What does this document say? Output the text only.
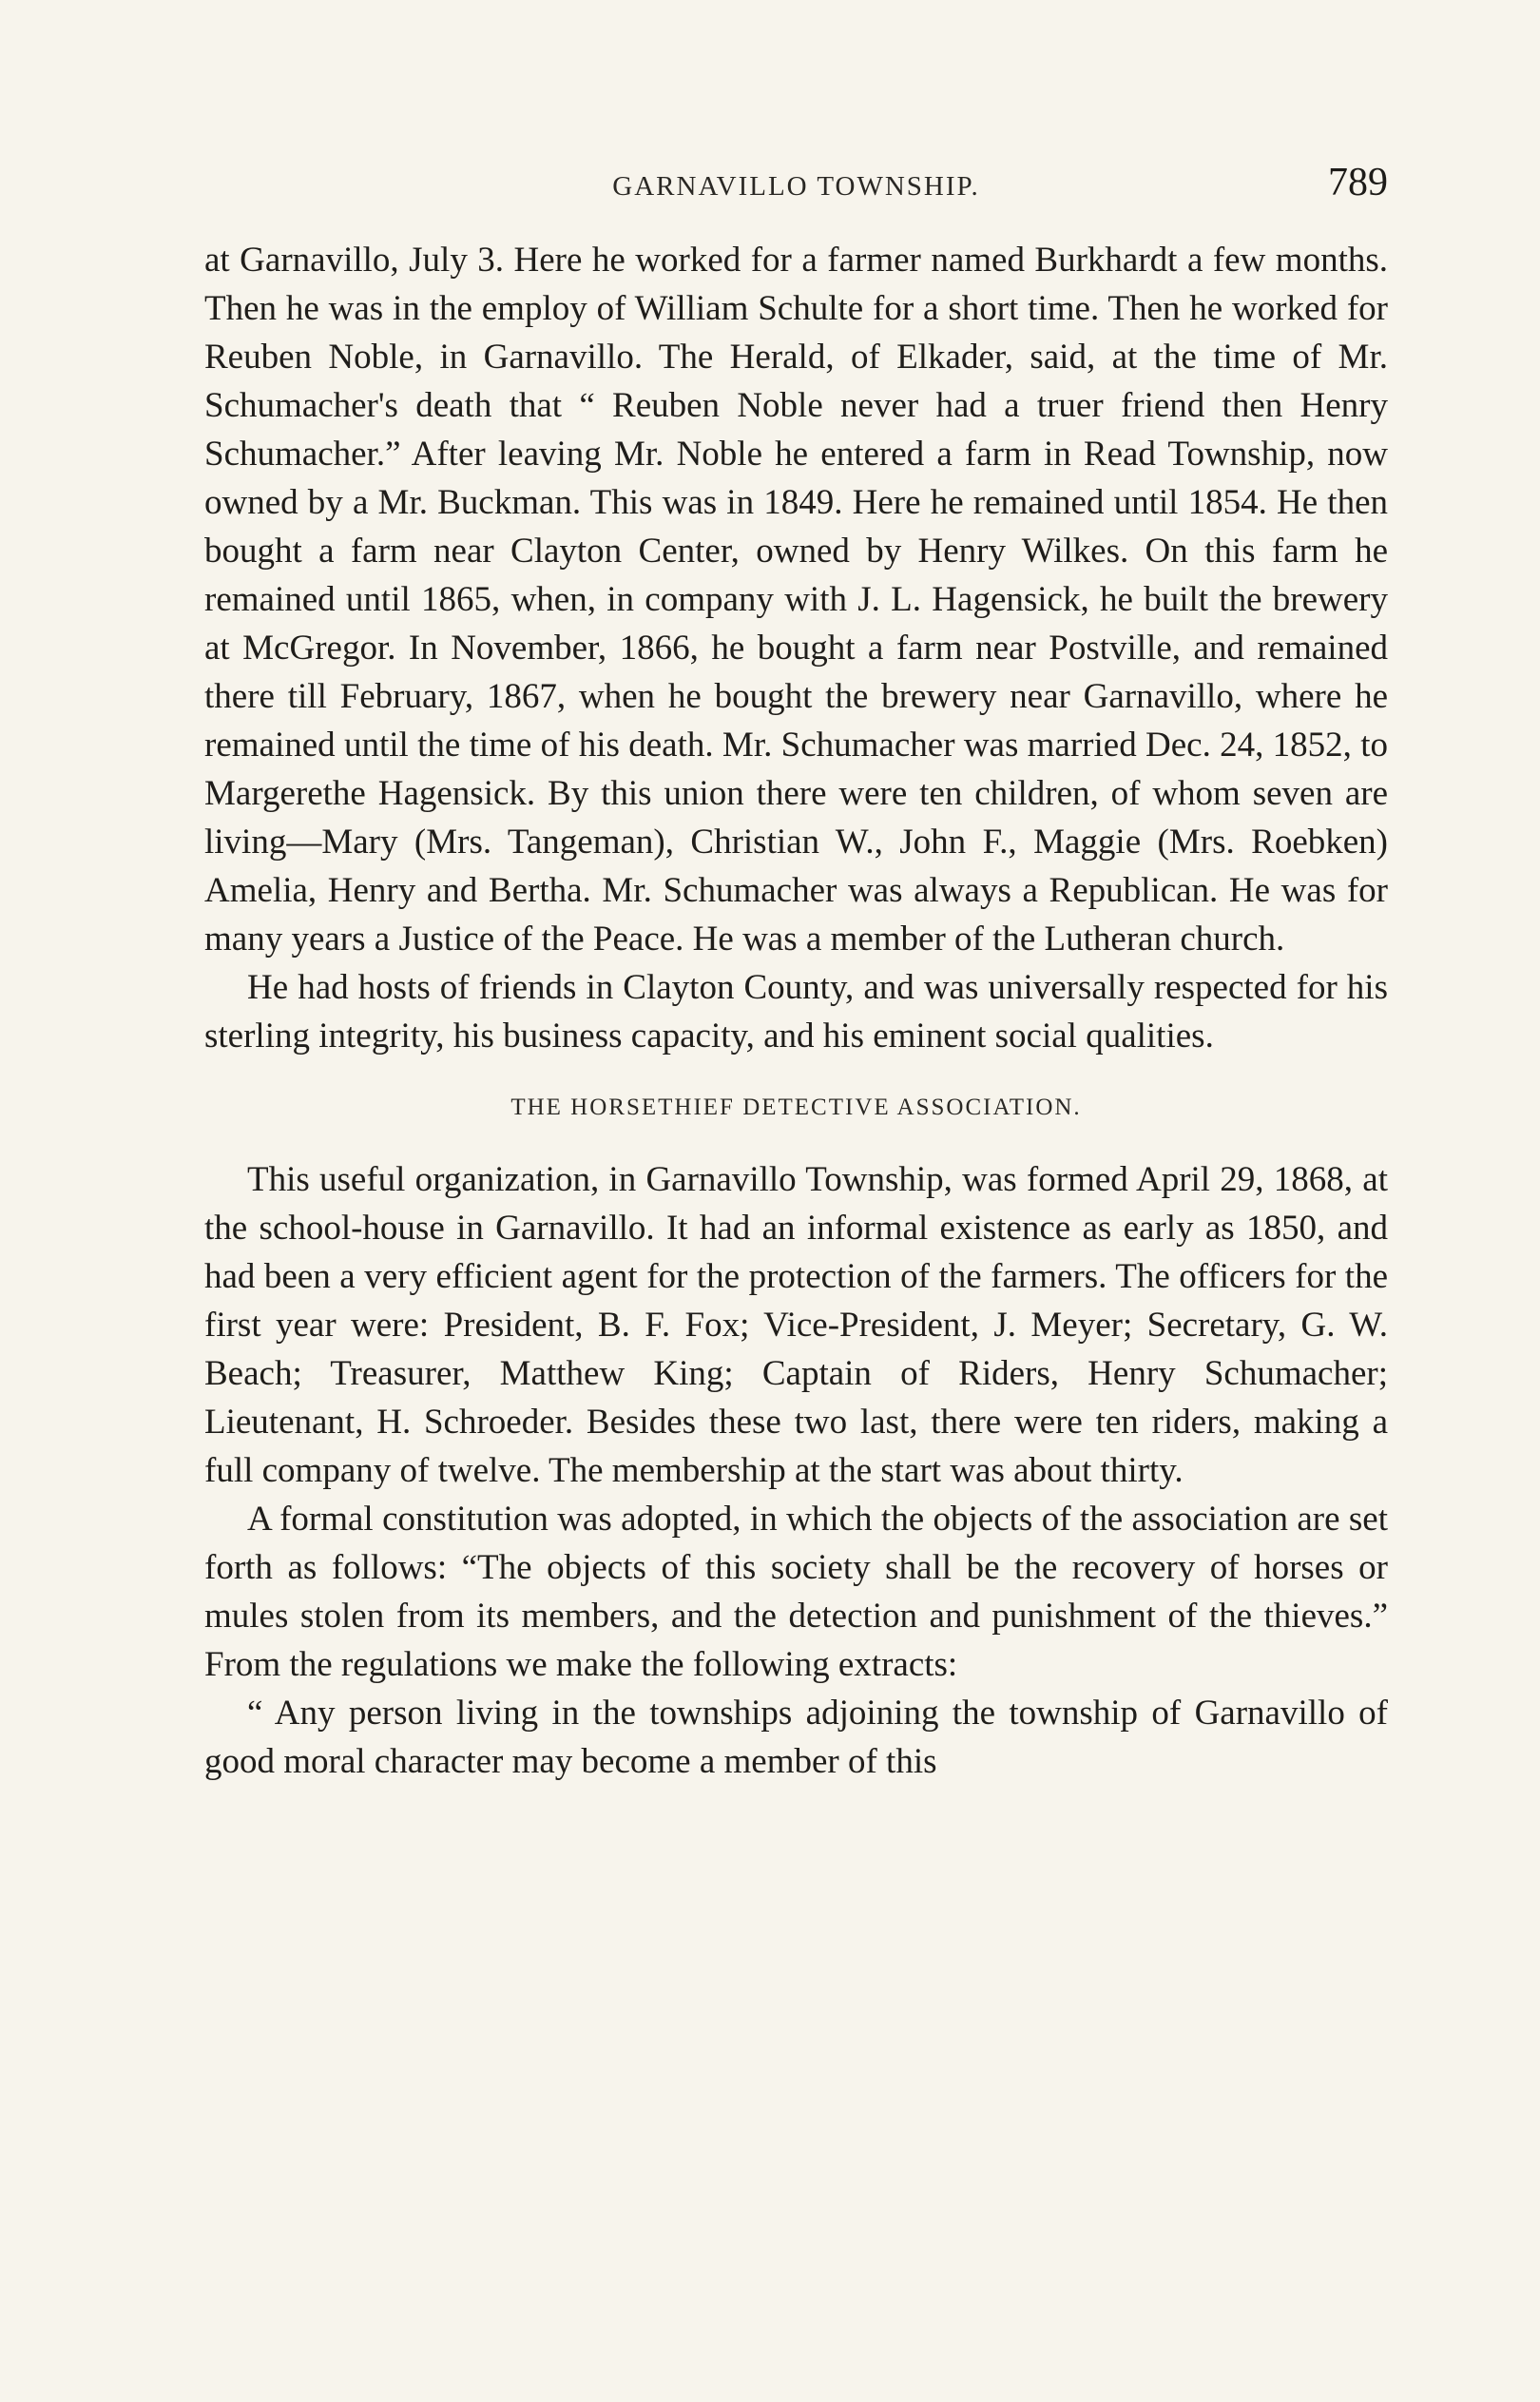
GARNAVILLO TOWNSHIP.	789

at Garnavillo, July 3. Here he worked for a farmer named Burkhardt a few months. Then he was in the employ of William Schulte for a short time. Then he worked for Reuben Noble, in Garnavillo. The Herald, of Elkader, said, at the time of Mr. Schumacher's death that “ Reuben Noble never had a truer friend then Henry Schumacher.” After leaving Mr. Noble he entered a farm in Read Township, now owned by a Mr. Buckman. This was in 1849. Here he remained until 1854. He then bought a farm near Clayton Center, owned by Henry Wilkes. On this farm he remained until 1865, when, in company with J. L. Hagensick, he built the brewery at McGregor. In November, 1866, he bought a farm near Postville, and remained there till February, 1867, when he bought the brewery near Garnavillo, where he remained until the time of his death. Mr. Schumacher was married Dec. 24, 1852, to Margerethe Hagensick. By this union there were ten children, of whom seven are living—Mary (Mrs. Tangeman), Christian W., John F., Maggie (Mrs. Roebken) Amelia, Henry and Bertha. Mr. Schumacher was always a Republican. He was for many years a Justice of the Peace. He was a member of the Lutheran church.

He had hosts of friends in Clayton County, and was universally respected for his sterling integrity, his business capacity, and his eminent social qualities.

THE HORSETHIEF DETECTIVE ASSOCIATION.

This useful organization, in Garnavillo Township, was formed April 29, 1868, at the school-house in Garnavillo. It had an informal existence as early as 1850, and had been a very efficient agent for the protection of the farmers. The officers for the first year were: President, B. F. Fox; Vice-President, J. Meyer; Secretary, G. W. Beach; Treasurer, Matthew King; Captain of Riders, Henry Schumacher; Lieutenant, H. Schroeder. Besides these two last, there were ten riders, making a full company of twelve. The membership at the start was about thirty.

A formal constitution was adopted, in which the objects of the association are set forth as follows: “The objects of this society shall be the recovery of horses or mules stolen from its members, and the detection and punishment of the thieves.” From the regulations we make the following extracts:

“ Any person living in the townships adjoining the township of Garnavillo of good moral character may become a member of this
